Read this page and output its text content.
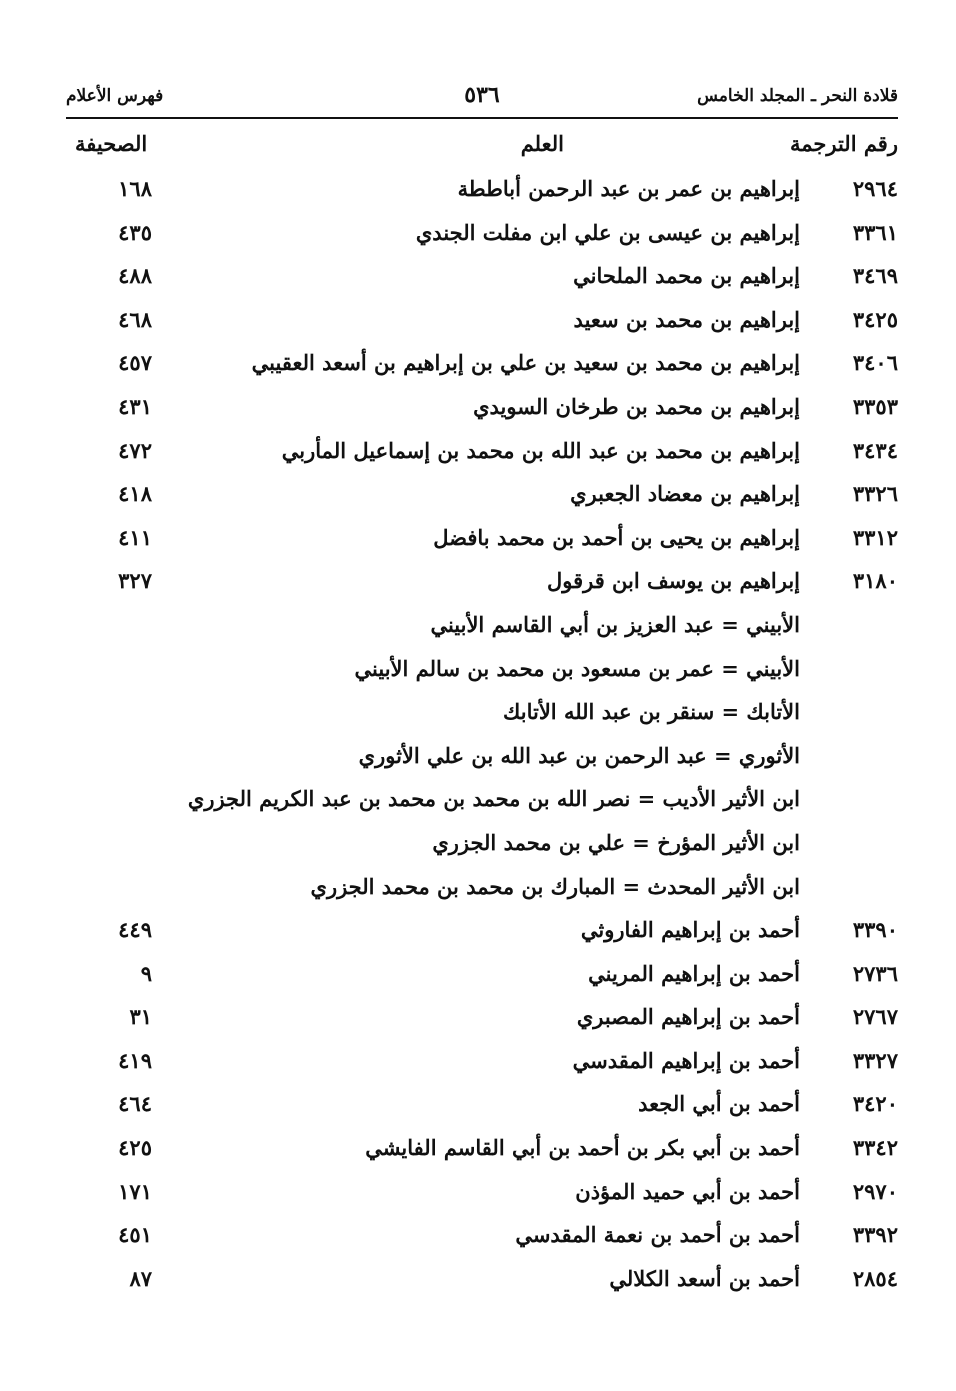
قلادة النحر ـ المجلد الخامس
٥٣٦
فهرس الأعلام
رقم الترجمة
العلم
الصحيفة
٢٩٦٤
إبراهيم بن عمر بن عبد الرحمن أباططة
١٦٨
٣٣٦١
إبراهيم بن عيسى بن علي ابن مفلت الجندي
٤٣٥
٣٤٦٩
إبراهيم بن محمد الملحاني
٤٨٨
٣٤٢٥
إبراهيم بن محمد بن سعيد
٤٦٨
٣٤٠٦
إبراهيم بن محمد بن سعيد بن علي بن إبراهيم بن أسعد العقيبي
٤٥٧
٣٣٥٣
إبراهيم بن محمد بن طرخان السويدي
٤٣١
٣٤٣٤
إبراهيم بن محمد بن عبد الله بن محمد بن إسماعيل المأربي
٤٧٢
٣٣٢٦
إبراهيم بن معضاد الجعبري
٤١٨
٣٣١٢
إبراهيم بن يحيى بن أحمد بن محمد بافضل
٤١١
٣١٨٠
إبراهيم بن يوسف ابن قرقول
٣٢٧
الأبيني = عبد العزيز بن أبي القاسم الأبيني
الأبيني = عمر بن مسعود بن محمد بن سالم الأبيني
الأتابك = سنقر بن عبد الله الأتابك
الأثوري = عبد الرحمن بن عبد الله بن علي الأثوري
ابن الأثير الأديب = نصر الله بن محمد بن محمد بن عبد الكريم الجزري
ابن الأثير المؤرخ = علي بن محمد الجزري
ابن الأثير المحدث = المبارك بن محمد بن محمد الجزري
٣٣٩٠
أحمد بن إبراهيم الفاروثي
٤٤٩
٢٧٣٦
أحمد بن إبراهيم المريني
٩
٢٧٦٧
أحمد بن إبراهيم المصبري
٣١
٣٣٢٧
أحمد بن إبراهيم المقدسي
٤١٩
٣٤٢٠
أحمد بن أبي الجعد
٤٦٤
٣٣٤٢
أحمد بن أبي بكر بن أحمد بن أبي القاسم الفايشي
٤٢٥
٢٩٧٠
أحمد بن أبي حميد المؤذن
١٧١
٣٣٩٢
أحمد بن أحمد بن نعمة المقدسي
٤٥١
٢٨٥٤
أحمد بن أسعد الكلالي
٨٧
